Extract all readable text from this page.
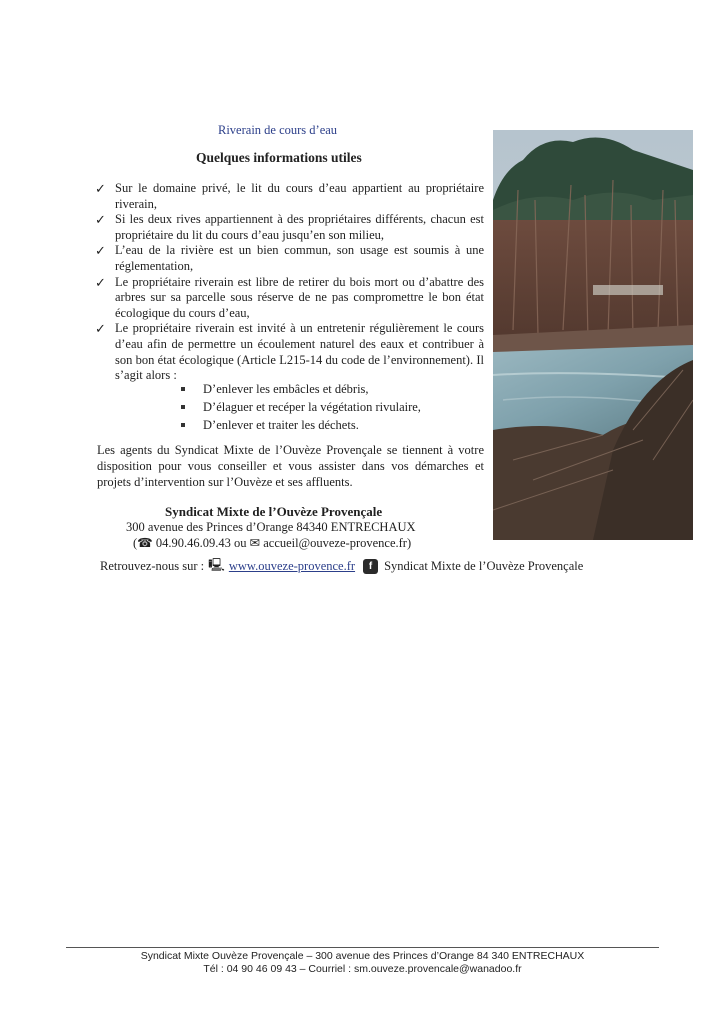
Riverain de cours d’eau
Quelques informations utiles
✓ Sur le domaine privé, le lit du cours d’eau appartient au propriétaire riverain,
✓ Si les deux rives appartiennent à des propriétaires différents, chacun est propriétaire du lit du cours d’eau jusqu’en son milieu,
✓ L’eau de la rivière est un bien commun, son usage est soumis à une réglementation,
✓ Le propriétaire riverain est libre de retirer du bois mort ou d’abattre des arbres sur sa parcelle sous réserve de ne pas compromettre le bon état écologique du cours d’eau,
✓ Le propriétaire riverain est invité à un entretenir régulièrement le cours d’eau afin de permettre un écoulement naturel des eaux et contribuer à son bon état écologique (Article L215-14 du code de l’environnement). Il s’agit alors :
D’enlever les embâcles et débris,
D’élaguer et recéper la végétation rivulaire,
D’enlever et traiter les déchets.

Les agents du Syndicat Mixte de l’Ouvèze Provençale se tiennent à votre disposition pour vous conseiller et vous assister dans vos démarches et projets d’intervention sur l’Ouvèze et ses affluents.

Syndicat Mixte de l’Ouvèze Provençale
300 avenue des Princes d’Orange 84340 ENTRECHAUX
(☎ 04.90.46.09.43 ou ✉ accueil@ouveze-provence.fr)
Retrouvez-nous sur : 🖳 www.ouveze-provence.fr	f Syndicat Mixte de l’Ouvèze Provençale
Syndicat Mixte Ouvèze Provençale – 300 avenue des Princes d’Orange 84 340 ENTRECHAUX
Tél : 04 90 46 09 43 – Courriel : sm.ouveze.provencale@wanadoo.fr
